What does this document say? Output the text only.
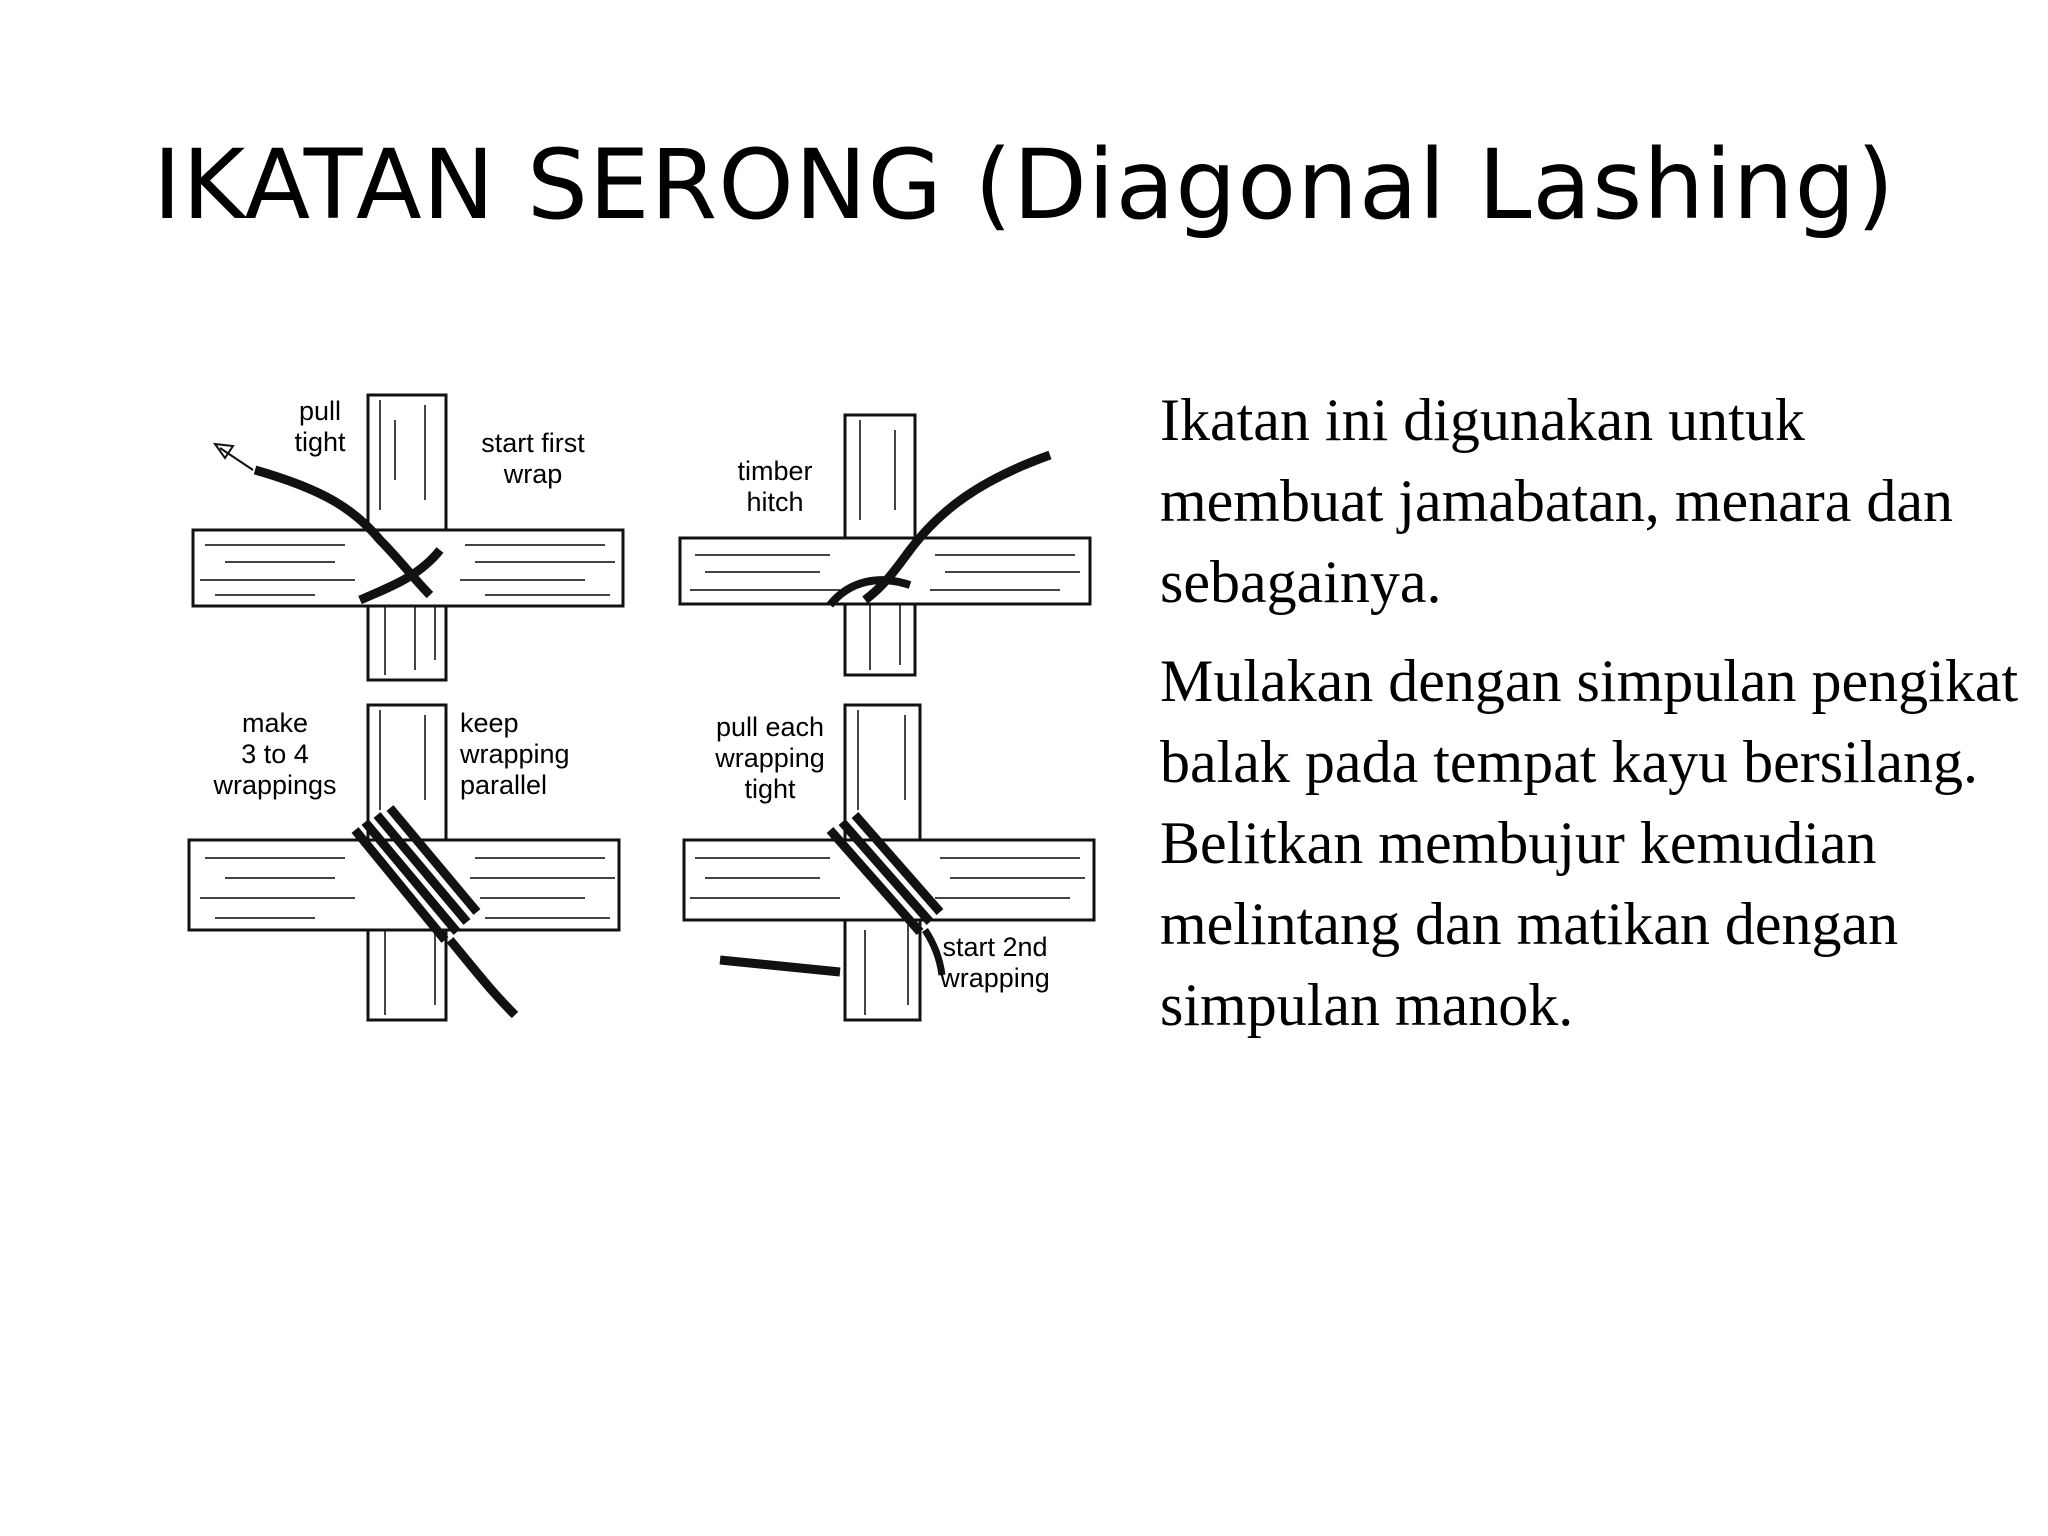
IKATAN SERONG (Diagonal Lashing)
pull
tight	start first
wrap	timber
hitch
make
3 to 4
wrappings
keep
wrapping
parallel
pull each
wrapping
tight
start 2nd
wrapping

Ikatan ini digunakan untuk membuat jamabatan, menara dan sebagainya.

Mulakan dengan simpulan pengikat balak pada tempat kayu bersilang. Belitkan membujur kemudian melintang dan matikan dengan simpulan manok.
